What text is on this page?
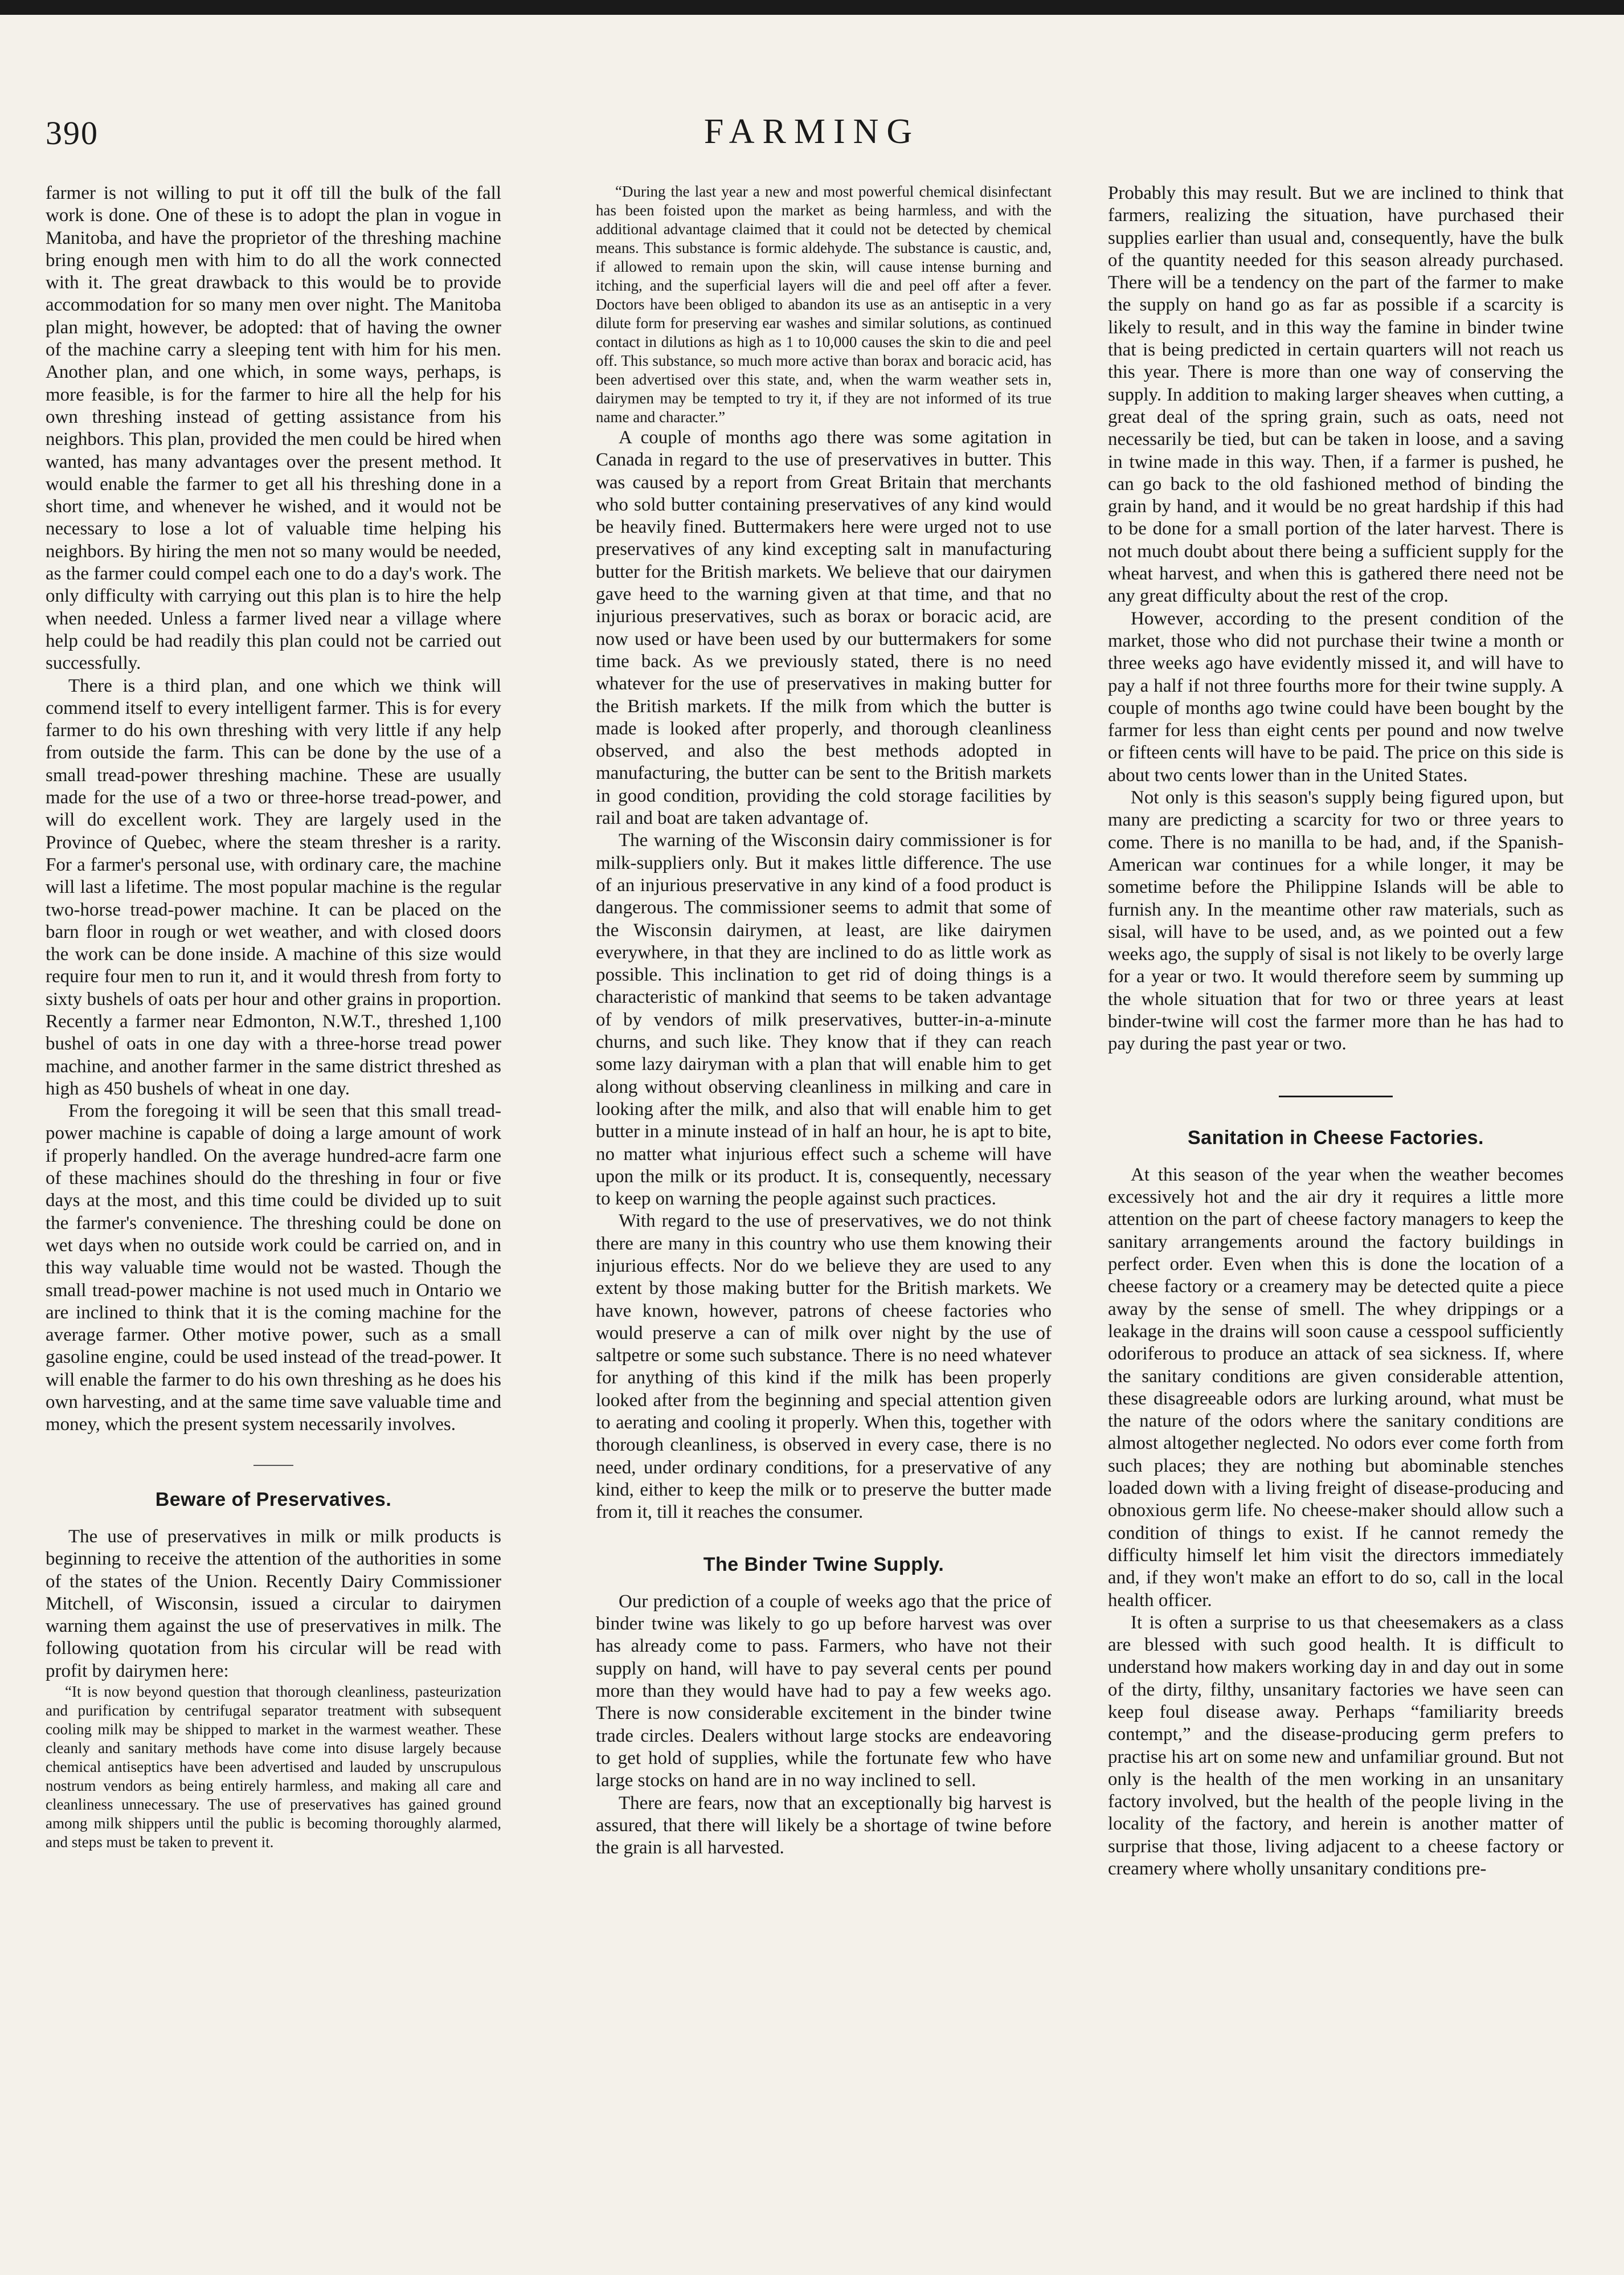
390	FARMING

farmer is not willing to put it off till the bulk of the fall work is done. One of these is to adopt the plan in vogue in Manitoba, and have the proprietor of the threshing machine bring enough men with him to do all the work connected with it. The great drawback to this would be to provide accommodation for so many men over night. The Manitoba plan might, however, be adopted: that of having the owner of the machine carry a sleeping tent with him for his men. Another plan, and one which, in some ways, perhaps, is more feasible, is for the farmer to hire all the help for his own threshing instead of getting assistance from his neighbors. This plan, provided the men could be hired when wanted, has many advantages over the present method. It would enable the farmer to get all his threshing done in a short time, and whenever he wished, and it would not be necessary to lose a lot of valuable time helping his neighbors. By hiring the men not so many would be needed, as the farmer could compel each one to do a day's work. The only difficulty with carrying out this plan is to hire the help when needed. Unless a farmer lived near a village where help could be had readily this plan could not be carried out successfully.

There is a third plan, and one which we think will commend itself to every intelligent farmer. This is for every farmer to do his own threshing with very little if any help from outside the farm. This can be done by the use of a small tread-power threshing machine. These are usually made for the use of a two or three-horse tread-power, and will do excellent work. They are largely used in the Province of Quebec, where the steam thresher is a rarity. For a farmer's personal use, with ordinary care, the machine will last a lifetime. The most popular machine is the regular two-horse tread-power machine. It can be placed on the barn floor in rough or wet weather, and with closed doors the work can be done inside. A machine of this size would require four men to run it, and it would thresh from forty to sixty bushels of oats per hour and other grains in proportion. Recently a farmer near Edmonton, N.W.T., threshed 1,100 bushel of oats in one day with a three-horse tread power machine, and another farmer in the same district threshed as high as 450 bushels of wheat in one day.

From the foregoing it will be seen that this small tread-power machine is capable of doing a large amount of work if properly handled. On the average hundred-acre farm one of these machines should do the threshing in four or five days at the most, and this time could be divided up to suit the farmer's convenience. The threshing could be done on wet days when no outside work could be carried on, and in this way valuable time would not be wasted. Though the small tread-power machine is not used much in Ontario we are inclined to think that it is the coming machine for the average farmer. Other motive power, such as a small gasoline engine, could be used instead of the tread-power. It will enable the farmer to do his own threshing as he does his own harvesting, and at the same time save valuable time and money, which the present system necessarily involves.

Beware of Preservatives.

The use of preservatives in milk or milk products is beginning to receive the attention of the authorities in some of the states of the Union. Recently Dairy Commissioner Mitchell, of Wisconsin, issued a circular to dairymen warning them against the use of preservatives in milk. The following quotation from his circular will be read with profit by dairymen here:

“It is now beyond question that thorough cleanliness, pasteurization and purification by centrifugal separator treatment with subsequent cooling milk may be shipped to market in the warmest weather. These cleanly and sanitary methods have come into disuse largely because chemical antiseptics have been advertised and lauded by unscrupulous nostrum vendors as being entirely harmless, and making all care and cleanliness unnecessary. The use of preservatives has gained ground among milk shippers until the public is becoming thoroughly alarmed, and steps must be taken to prevent it.

“During the last year a new and most powerful chemical disinfectant has been foisted upon the market as being harmless, and with the additional advantage claimed that it could not be detected by chemical means. This substance is formic aldehyde. The substance is caustic, and, if allowed to remain upon the skin, will cause intense burning and itching, and the superficial layers will die and peel off after a fever. Doctors have been obliged to abandon its use as an antiseptic in a very dilute form for preserving ear washes and similar solutions, as continued contact in dilutions as high as 1 to 10,000 causes the skin to die and peel off. This substance, so much more active than borax and boracic acid, has been advertised over this state, and, when the warm weather sets in, dairymen may be tempted to try it, if they are not informed of its true name and character.”

A couple of months ago there was some agitation in Canada in regard to the use of preservatives in butter. This was caused by a report from Great Britain that merchants who sold butter containing preservatives of any kind would be heavily fined. Buttermakers here were urged not to use preservatives of any kind excepting salt in manufacturing butter for the British markets. We believe that our dairymen gave heed to the warning given at that time, and that no injurious preservatives, such as borax or boracic acid, are now used or have been used by our buttermakers for some time back. As we previously stated, there is no need whatever for the use of preservatives in making butter for the British markets. If the milk from which the butter is made is looked after properly, and thorough cleanliness observed, and also the best methods adopted in manufacturing, the butter can be sent to the British markets in good condition, providing the cold storage facilities by rail and boat are taken advantage of.

The warning of the Wisconsin dairy commissioner is for milk-suppliers only. But it makes little difference. The use of an injurious preservative in any kind of a food product is dangerous. The commissioner seems to admit that some of the Wisconsin dairymen, at least, are like dairymen everywhere, in that they are inclined to do as little work as possible. This inclination to get rid of doing things is a characteristic of mankind that seems to be taken advantage of by vendors of milk preservatives, butter-in-a-minute churns, and such like. They know that if they can reach some lazy dairyman with a plan that will enable him to get along without observing cleanliness in milking and care in looking after the milk, and also that will enable him to get butter in a minute instead of in half an hour, he is apt to bite, no matter what injurious effect such a scheme will have upon the milk or its product. It is, consequently, necessary to keep on warning the people against such practices.

With regard to the use of preservatives, we do not think there are many in this country who use them knowing their injurious effects. Nor do we believe they are used to any extent by those making butter for the British markets. We have known, however, patrons of cheese factories who would preserve a can of milk over night by the use of saltpetre or some such substance. There is no need whatever for anything of this kind if the milk has been properly looked after from the beginning and special attention given to aerating and cooling it properly. When this, together with thorough cleanliness, is observed in every case, there is no need, under ordinary conditions, for a preservative of any kind, either to keep the milk or to preserve the butter made from it, till it reaches the consumer.

The Binder Twine Supply.

Our prediction of a couple of weeks ago that the price of binder twine was likely to go up before harvest was over has already come to pass. Farmers, who have not their supply on hand, will have to pay several cents per pound more than they would have had to pay a few weeks ago. There is now considerable excitement in the binder twine trade circles. Dealers without large stocks are endeavoring to get hold of supplies, while the fortunate few who have large stocks on hand are in no way inclined to sell.

There are fears, now that an exceptionally big harvest is assured, that there will likely be a shortage of twine before the grain is all harvested.

Probably this may result. But we are inclined to think that farmers, realizing the situation, have purchased their supplies earlier than usual and, consequently, have the bulk of the quantity needed for this season already purchased. There will be a tendency on the part of the farmer to make the supply on hand go as far as possible if a scarcity is likely to result, and in this way the famine in binder twine that is being predicted in certain quarters will not reach us this year. There is more than one way of conserving the supply. In addition to making larger sheaves when cutting, a great deal of the spring grain, such as oats, need not necessarily be tied, but can be taken in loose, and a saving in twine made in this way. Then, if a farmer is pushed, he can go back to the old fashioned method of binding the grain by hand, and it would be no great hardship if this had to be done for a small portion of the later harvest. There is not much doubt about there being a sufficient supply for the wheat harvest, and when this is gathered there need not be any great difficulty about the rest of the crop.

However, according to the present condition of the market, those who did not purchase their twine a month or three weeks ago have evidently missed it, and will have to pay a half if not three fourths more for their twine supply. A couple of months ago twine could have been bought by the farmer for less than eight cents per pound and now twelve or fifteen cents will have to be paid. The price on this side is about two cents lower than in the United States.

Not only is this season's supply being figured upon, but many are predicting a scarcity for two or three years to come. There is no manilla to be had, and, if the Spanish-American war continues for a while longer, it may be sometime before the Philippine Islands will be able to furnish any. In the meantime other raw materials, such as sisal, will have to be used, and, as we pointed out a few weeks ago, the supply of sisal is not likely to be overly large for a year or two. It would therefore seem by summing up the whole situation that for two or three years at least binder-twine will cost the farmer more than he has had to pay during the past year or two.

Sanitation in Cheese Factories.

At this season of the year when the weather becomes excessively hot and the air dry it requires a little more attention on the part of cheese factory managers to keep the sanitary arrangements around the factory buildings in perfect order. Even when this is done the location of a cheese factory or a creamery may be detected quite a piece away by the sense of smell. The whey drippings or a leakage in the drains will soon cause a cesspool sufficiently odoriferous to produce an attack of sea sickness. If, where the sanitary conditions are given considerable attention, these disagreeable odors are lurking around, what must be the nature of the odors where the sanitary conditions are almost altogether neglected. No odors ever come forth from such places; they are nothing but abominable stenches loaded down with a living freight of disease-producing and obnoxious germ life. No cheese-maker should allow such a condition of things to exist. If he cannot remedy the difficulty himself let him visit the directors immediately and, if they won't make an effort to do so, call in the local health officer.

It is often a surprise to us that cheesemakers as a class are blessed with such good health. It is difficult to understand how makers working day in and day out in some of the dirty, filthy, unsanitary factories we have seen can keep foul disease away. Perhaps “familiarity breeds contempt,” and the disease-producing germ prefers to practise his art on some new and unfamiliar ground. But not only is the health of the men working in an unsanitary factory involved, but the health of the people living in the locality of the factory, and herein is another matter of surprise that those, living adjacent to a cheese factory or creamery where wholly unsanitary conditions pre-
